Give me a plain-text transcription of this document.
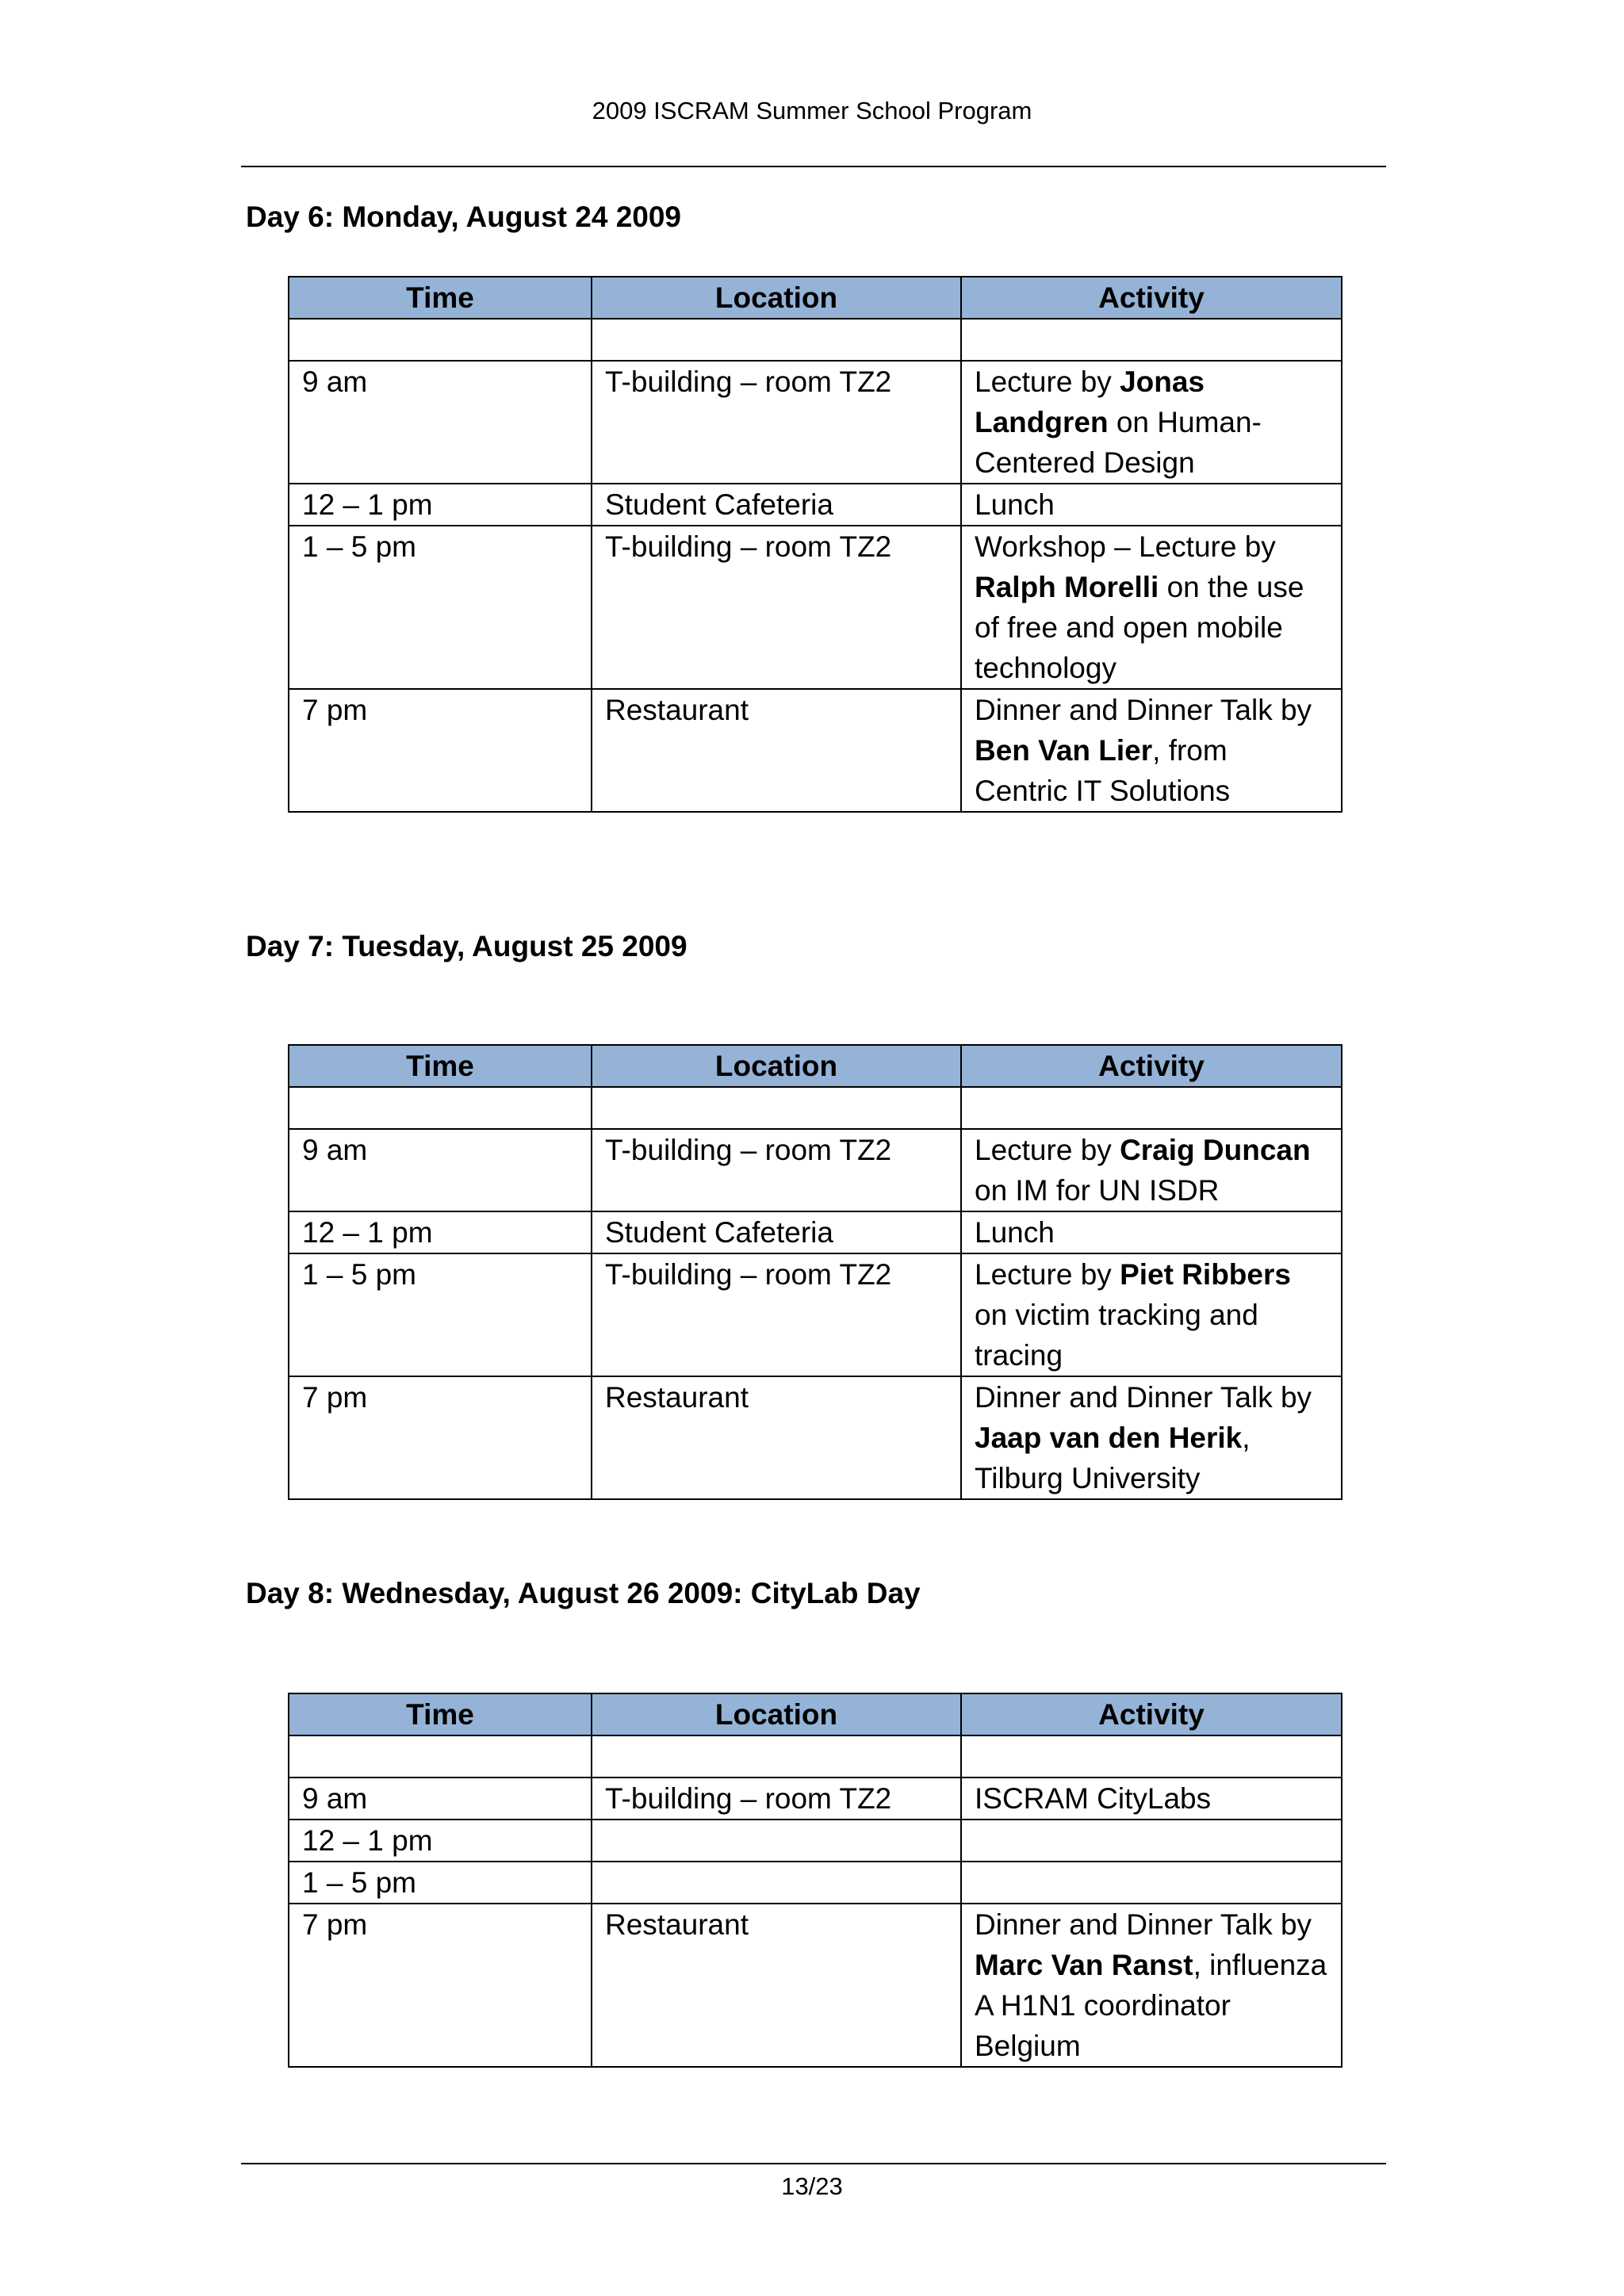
2009 ISCRAM Summer School Program
Day 6: Monday, August 24 2009
Time	Location	Activity

9 am	T-building – room TZ2	Lecture by Jonas Landgren on Human-Centered Design
12 – 1 pm	Student Cafeteria	Lunch
1 – 5 pm	T-building – room TZ2	Workshop – Lecture by Ralph Morelli on the use of free and open mobile technology
7 pm	Restaurant	Dinner and Dinner Talk by Ben Van Lier, from Centric IT Solutions
Day 7: Tuesday, August 25 2009
Time	Location	Activity

9 am	T-building – room TZ2	Lecture by Craig Duncan on IM for UN ISDR
12 – 1 pm	Student Cafeteria	Lunch
1 – 5 pm	T-building – room TZ2	Lecture by Piet Ribbers on victim tracking and tracing
7 pm	Restaurant	Dinner and Dinner Talk by Jaap van den Herik, Tilburg University
Day 8: Wednesday, August 26 2009: CityLab Day
Time	Location	Activity

9 am	T-building – room TZ2	ISCRAM CityLabs
12 – 1 pm		
1 – 5 pm		
7 pm	Restaurant	Dinner and Dinner Talk by Marc Van Ranst, influenza A H1N1 coordinator Belgium
13/23
